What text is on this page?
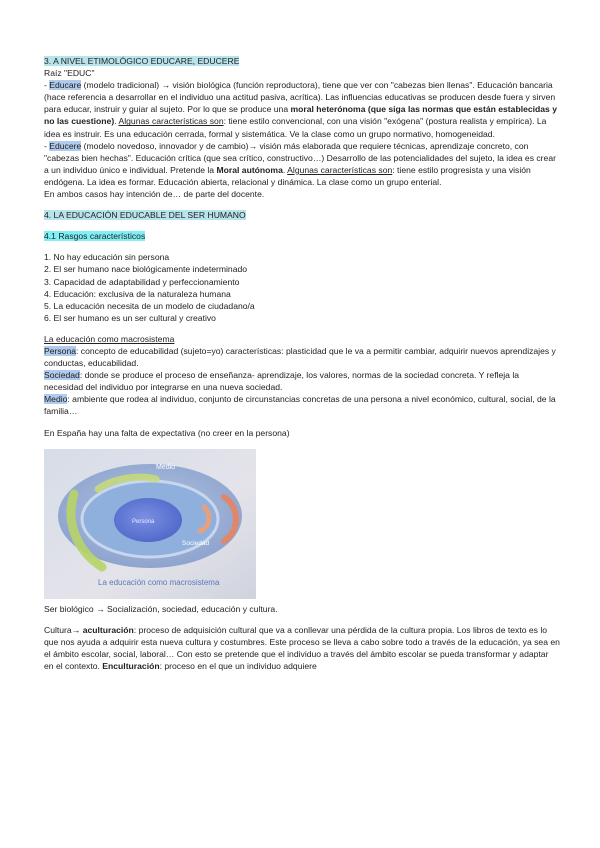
3. A NIVEL ETIMOLÓGICO EDUCARE, EDUCERE

Raíz "EDUC"

- Educare (modelo tradicional) → visión biológica (función reproductora), tiene que ver con "cabezas bien llenas". Educación bancaria (hace referencia a desarrollar en el individuo una actitud pasiva, acrítica). Las influencias educativas se producen desde fuera y sirven para educar, instruir y guiar al sujeto. Por lo que se produce una moral heterónoma (que siga las normas que están establecidas y no las cuestione). Algunas características son: tiene estilo convencional, con una visión "exógena" (postura realista y empírica). La idea es instruir. Es una educación cerrada, formal y sistemática. Ve la clase como un grupo normativo, homogeneidad.

- Educere (modelo novedoso, innovador y de cambio)→ visión más elaborada que requiere técnicas, aprendizaje concreto, con "cabezas bien hechas". Educación crítica (que sea crítico, constructivo…) Desarrollo de las potencialidades del sujeto, la idea es crear a un individuo único e individual. Pretende la Moral autónoma. Algunas características son: tiene estilo progresista y una visión endógena. La idea es formar. Educación abierta, relacional y dinámica. La clase como un grupo enterial.

En ambos casos hay intención de… de parte del docente.

4. LA EDUCACIÓN EDUCABLE DEL SER HUMANO

4.1 Rasgos característicos

1. No hay educación sin persona

2. El ser humano nace biológicamente indeterminado

3. Capacidad de adaptabilidad y perfeccionamiento

4. Educación: exclusiva de la naturaleza humana

5. La educación necesita de un modelo de ciudadano/a

6. El ser humano es un ser cultural y creativo

La educación como macrosistema

Persona: concepto de educabilidad (sujeto=yo) características: plasticidad que le va a permitir cambiar, adquirir nuevos aprendizajes y conductas, educabilidad.

Sociedad: donde se produce el proceso de enseñanza- aprendizaje, los valores, normas de la sociedad concreta. Y refleja la necesidad del individuo por integrarse en una nueva sociedad.

Medio: ambiente que rodea al individuo, conjunto de circunstancias concretas de una persona a nivel económico, cultural, social, de la familia…

En España hay una falta de expectativa (no creer en la persona)

Medio
Persona
Sociedad
La educación como macrosistema

Ser biológico → Socialización, sociedad, educación y cultura.

Cultura→ aculturación: proceso de adquisición cultural que va a conllevar una pérdida de la cultura propia. Los libros de texto es lo que nos ayuda a adquirir esta nueva cultura y costumbres. Este proceso se lleva a cabo sobre todo a través de la educación, ya sea en el ámbito escolar, social, laboral… Con esto se pretende que el individuo a través del ámbito escolar se pueda transformar y adaptar en el contexto. Enculturación: proceso en el que un individuo adquiere
